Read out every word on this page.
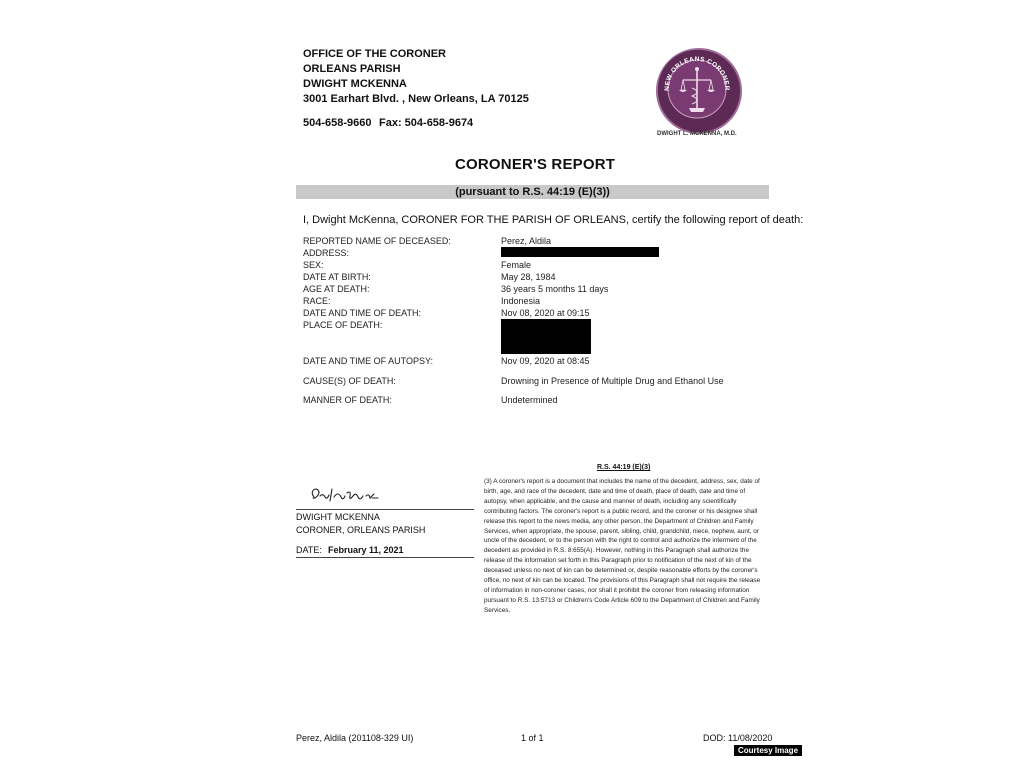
OFFICE OF THE CORONER
ORLEANS PARISH
DWIGHT MCKENNA
3001 Earhart Blvd. , New Orleans, LA 70125
504-658-9660 Fax: 504-658-9674
NEW ORLEANS CORONER
DWIGHT L. MCKENNA, M.D.
CORONER'S REPORT
(pursuant to R.S. 44:19 (E)(3))
I, Dwight McKenna, CORONER FOR THE PARISH OF ORLEANS, certify the following report of death:
REPORTED NAME OF DECEASED:	Perez, Aldila
ADDRESS:
SEX:	Female
DATE AT BIRTH:	May 28, 1984
AGE AT DEATH:	36 years 5 months 11 days
RACE:	Indonesia
DATE AND TIME OF DEATH:	Nov 08, 2020 at 09:15
PLACE OF DEATH:
DATE AND TIME OF AUTOPSY:	Nov 09, 2020 at 08:45
CAUSE(S) OF DEATH:	Drowning in Presence of Multiple Drug and Ethanol Use
MANNER OF DEATH:	Undetermined
DWIGHT MCKENNA
CORONER, ORLEANS PARISH
DATE: February 11, 2021
R.S. 44:19 (E)(3)
(3) A coroner's report is a document that includes the name of the decedent, address, sex, date of birth, age, and race of the decedent, date and time of death, place of death, date and time of autopsy, when applicable, and the cause and manner of death, including any scientifically contributing factors. The coroner's report is a public record, and the coroner or his designee shall release this report to the news media, any other person, the Department of Children and Family Services, when appropriate, the spouse, parent, sibling, child, grandchild, niece, nephew, aunt, or uncle of the decedent, or to the person with the right to control and authorize the interment of the decedent as provided in R.S. 8:655(A). However, nothing in this Paragraph shall authorize the release of the information set forth in this Paragraph prior to notification of the next of kin of the deceased unless no next of kin can be determined or, despite reasonable efforts by the coroner's office, no next of kin can be located. The provisions of this Paragraph shall not require the release of information in non-coroner cases, nor shall it prohibit the coroner from releasing information pursuant to R.S. 13:5713 or Children's Code Article 609 to the Department of Children and Family Services.
Perez, Aldila (201108-329 UI)	1 of 1	DOD: 11/08/2020
Courtesy Image
